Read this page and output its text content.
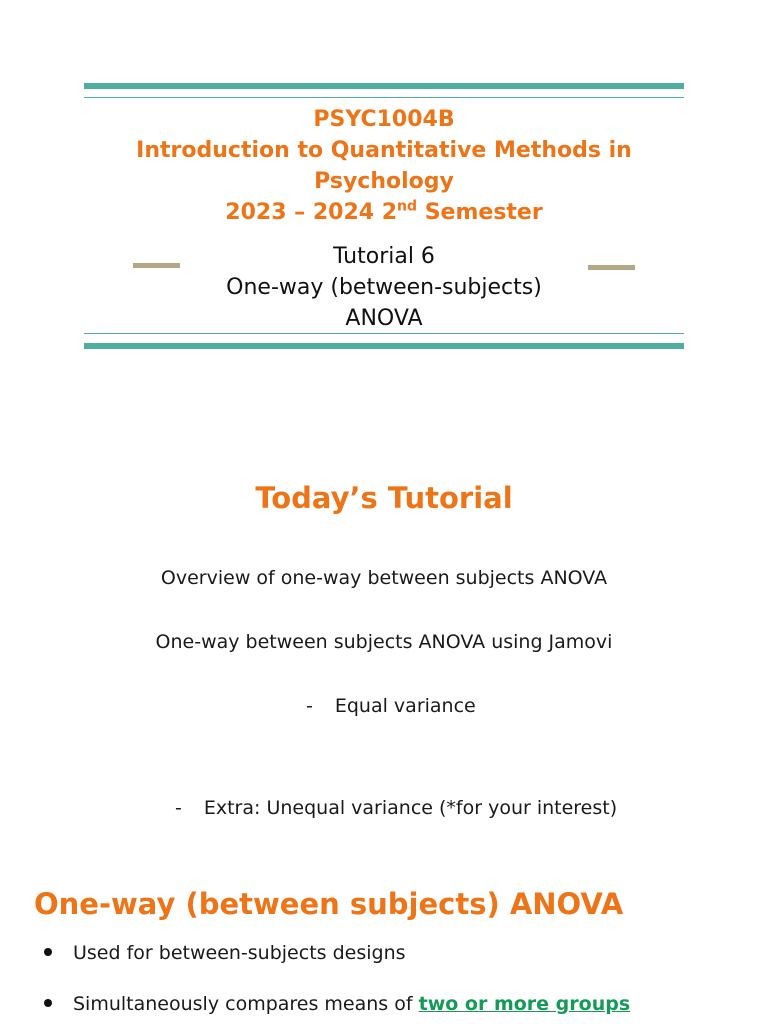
PSYC1004B
Introduction to Quantitative Methods in
Psychology
2023 – 2024 2nd Semester
Tutorial 6
One-way (between-subjects)
ANOVA
Today’s Tutorial
Overview of one-way between subjects ANOVA
One-way between subjects ANOVA using Jamovi
- Equal variance
- Extra: Unequal variance (*for your interest)
One-way (between subjects) ANOVA
Used for between-subjects designs
Simultaneously compares means of two or more groups
